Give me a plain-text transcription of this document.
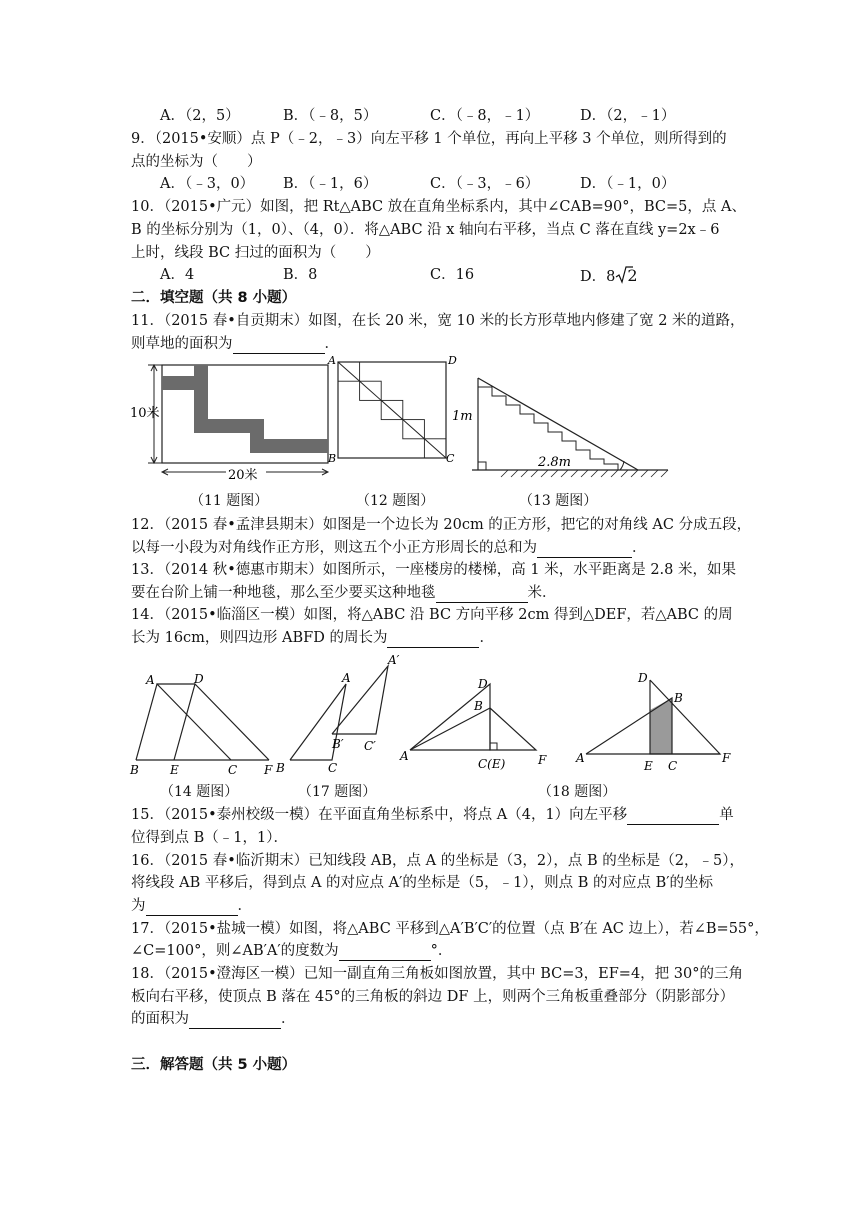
A．（2，5）	B．（﹣8，5）	C．（﹣8，﹣1）	D．（2，﹣1）
9．（2015•安顺）点 P（﹣2，﹣3）向左平移 1 个单位，再向上平移 3 个单位，则所得到的
点的坐标为（　　）
A．（﹣3，0） B．（﹣1，6）	C．（﹣3，﹣6）	D．（﹣1，0）
10．（2015•广元）如图，把 Rt△ABC 放在直角坐标系内，其中∠CAB=90°，BC=5，点 A、
B 的坐标分别为（1，0）、（4，0）．将△ABC 沿 x 轴向右平移，当点 C 落在直线 y=2x﹣6
上时，线段 BC 扫过的面积为（　　）
A．4	B．8	C．16	D．8 2
二．填空题（共 8 小题）
11．（2015 春•自贡期末）如图，在长 20 米，宽 10 米的长方形草地内修建了宽 2 米的道路，
则草地的面积为	．
10米
20米
A	D
B	C
1m
2.8m
（11 题图）	（12 题图）	（13 题图）
12．（2015 春•孟津县期末）如图是一个边长为 20cm 的正方形，把它的对角线 AC 分成五段，
以每一小段为对角线作正方形，则这五个小正方形周长的总和为	．
13．（2014 秋•德惠市期末）如图所示，一座楼房的楼梯，高 1 米，水平距离是 2.8 米，如果
要在台阶上铺一种地毯，那么至少要买这种地毯	米．
14．（2015•临淄区一模）如图，将△ABC 沿 BC 方向平移 2cm 得到△DEF，若△ABC 的周
长为 16cm，则四边形 ABFD 的周长为	．
A	D
B	E	C F
A
A′
B′ C′
B	C
D
B
A
C(E)	F
D
B
A
E C
F
（14 题图）	（17 题图）	（18 题图）
15．（2015•泰州校级一模）在平面直角坐标系中，将点 A（4，1）向左平移	单
位得到点 B（﹣1，1）．
16．（2015 春•临沂期末）已知线段 AB，点 A 的坐标是（3，2），点 B 的坐标是（2，﹣5），
将线段 AB 平移后，得到点 A 的对应点 A′的坐标是（5，﹣1），则点 B 的对应点 B′的坐标
为	．
17．（2015•盐城一模）如图，将△ABC 平移到△A′B′C′的位置（点 B′在 AC 边上），若∠B=55°，
∠C=100°，则∠AB′A′的度数为	°．
18．（2015•澄海区一模）已知一副直角三角板如图放置，其中 BC=3，EF=4，把 30°的三角
板向右平移，使顶点 B 落在 45°的三角板的斜边 DF 上，则两个三角板重叠部分（阴影部分）
的面积为	．
三．解答题（共 5 小题）
